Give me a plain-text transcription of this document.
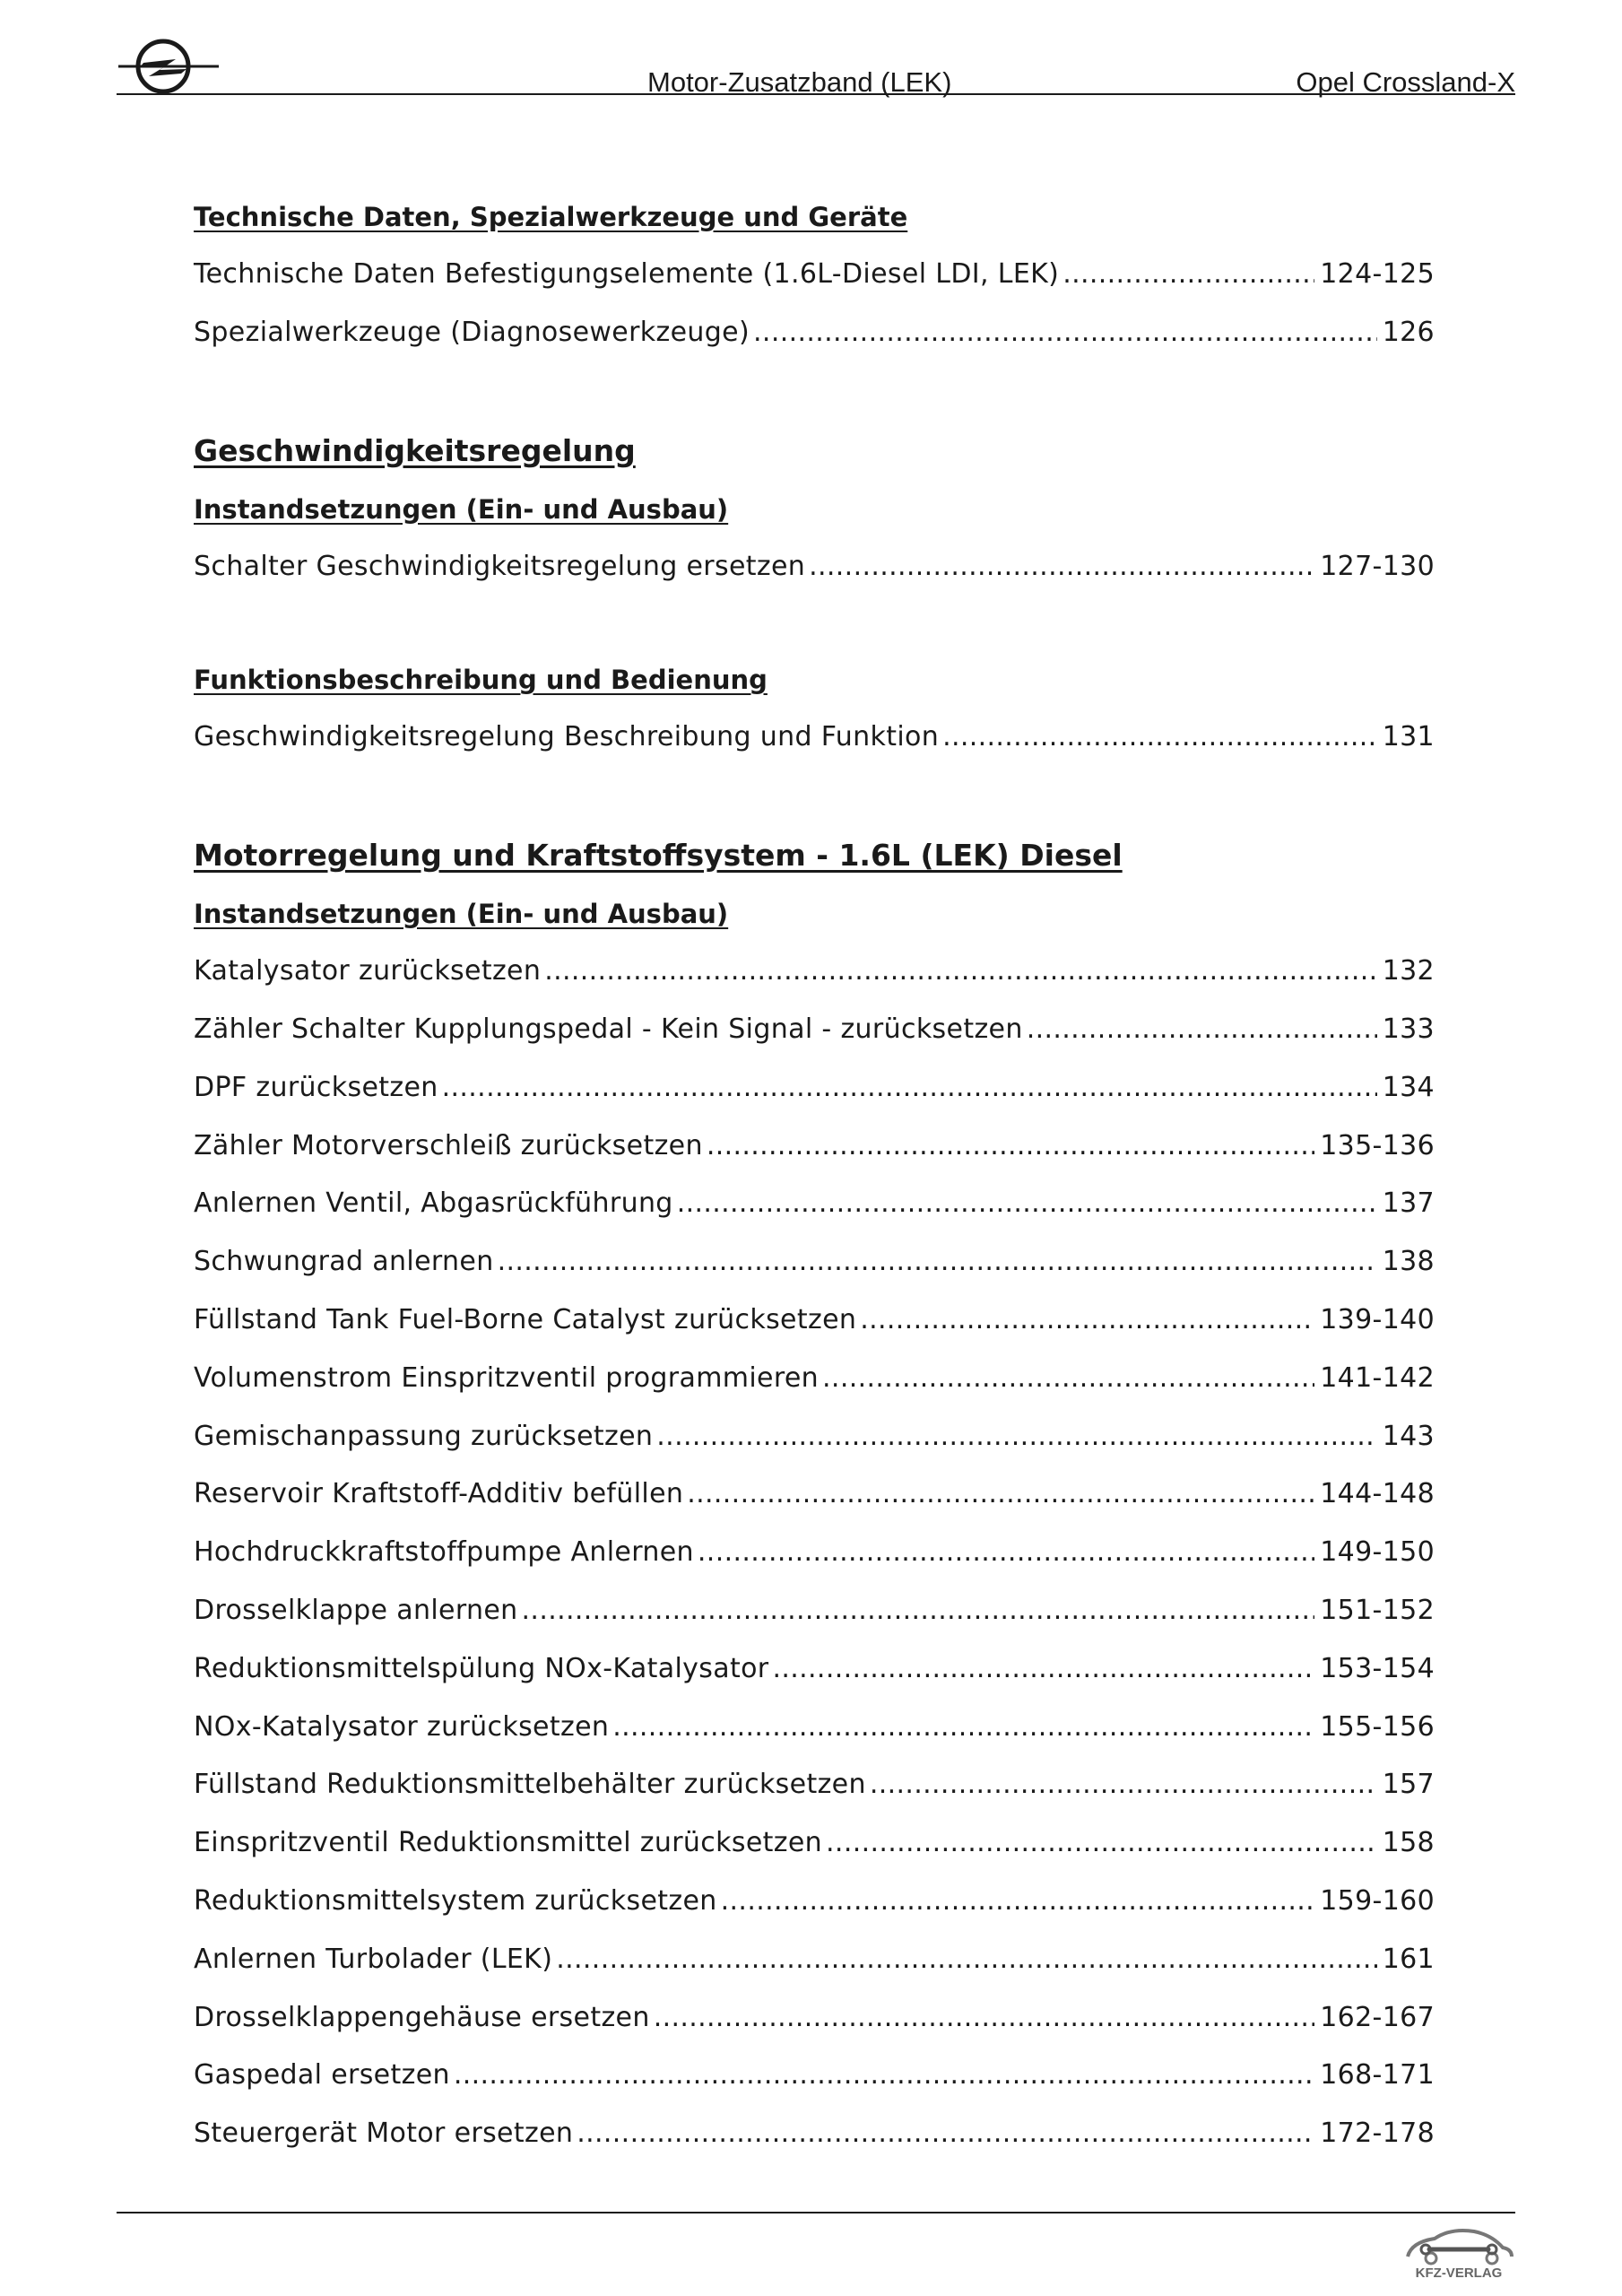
Motor-Zusatzband (LEK)	Opel Crossland-X
Technische Daten, Spezialwerkzeuge und Geräte
Technische Daten Befestigungselemente (1.6L-Diesel LDI, LEK) .....	124-125
Spezialwerkzeuge (Diagnosewerkzeuge) .....	126
Geschwindigkeitsregelung
Instandsetzungen (Ein- und Ausbau)
Schalter Geschwindigkeitsregelung ersetzen .....	127-130
Funktionsbeschreibung und Bedienung
Geschwindigkeitsregelung Beschreibung und Funktion .....	131
Motorregelung und Kraftstoffsystem - 1.6L (LEK) Diesel
Instandsetzungen (Ein- und Ausbau)
Katalysator zurücksetzen .....	132
Zähler Schalter Kupplungspedal - Kein Signal - zurücksetzen .....	133
DPF zurücksetzen .....	134
Zähler Motorverschleiß zurücksetzen .....	135-136
Anlernen Ventil, Abgasrückführung .....	137
Schwungrad anlernen .....	138
Füllstand Tank Fuel-Borne Catalyst zurücksetzen .....	139-140
Volumenstrom Einspritzventil programmieren .....	141-142
Gemischanpassung zurücksetzen .....	143
Reservoir Kraftstoff-Additiv befüllen .....	144-148
Hochdruckkraftstoffpumpe Anlernen .....	149-150
Drosselklappe anlernen .....	151-152
Reduktionsmittelspülung NOx-Katalysator .....	153-154
NOx-Katalysator zurücksetzen .....	155-156
Füllstand Reduktionsmittelbehälter zurücksetzen .....	157
Einspritzventil Reduktionsmittel zurücksetzen .....	158
Reduktionsmittelsystem zurücksetzen .....	159-160
Anlernen Turbolader (LEK) .....	161
Drosselklappengehäuse ersetzen .....	162-167
Gaspedal ersetzen .....	168-171
Steuergerät Motor ersetzen .....	172-178
KFZ-VERLAG
